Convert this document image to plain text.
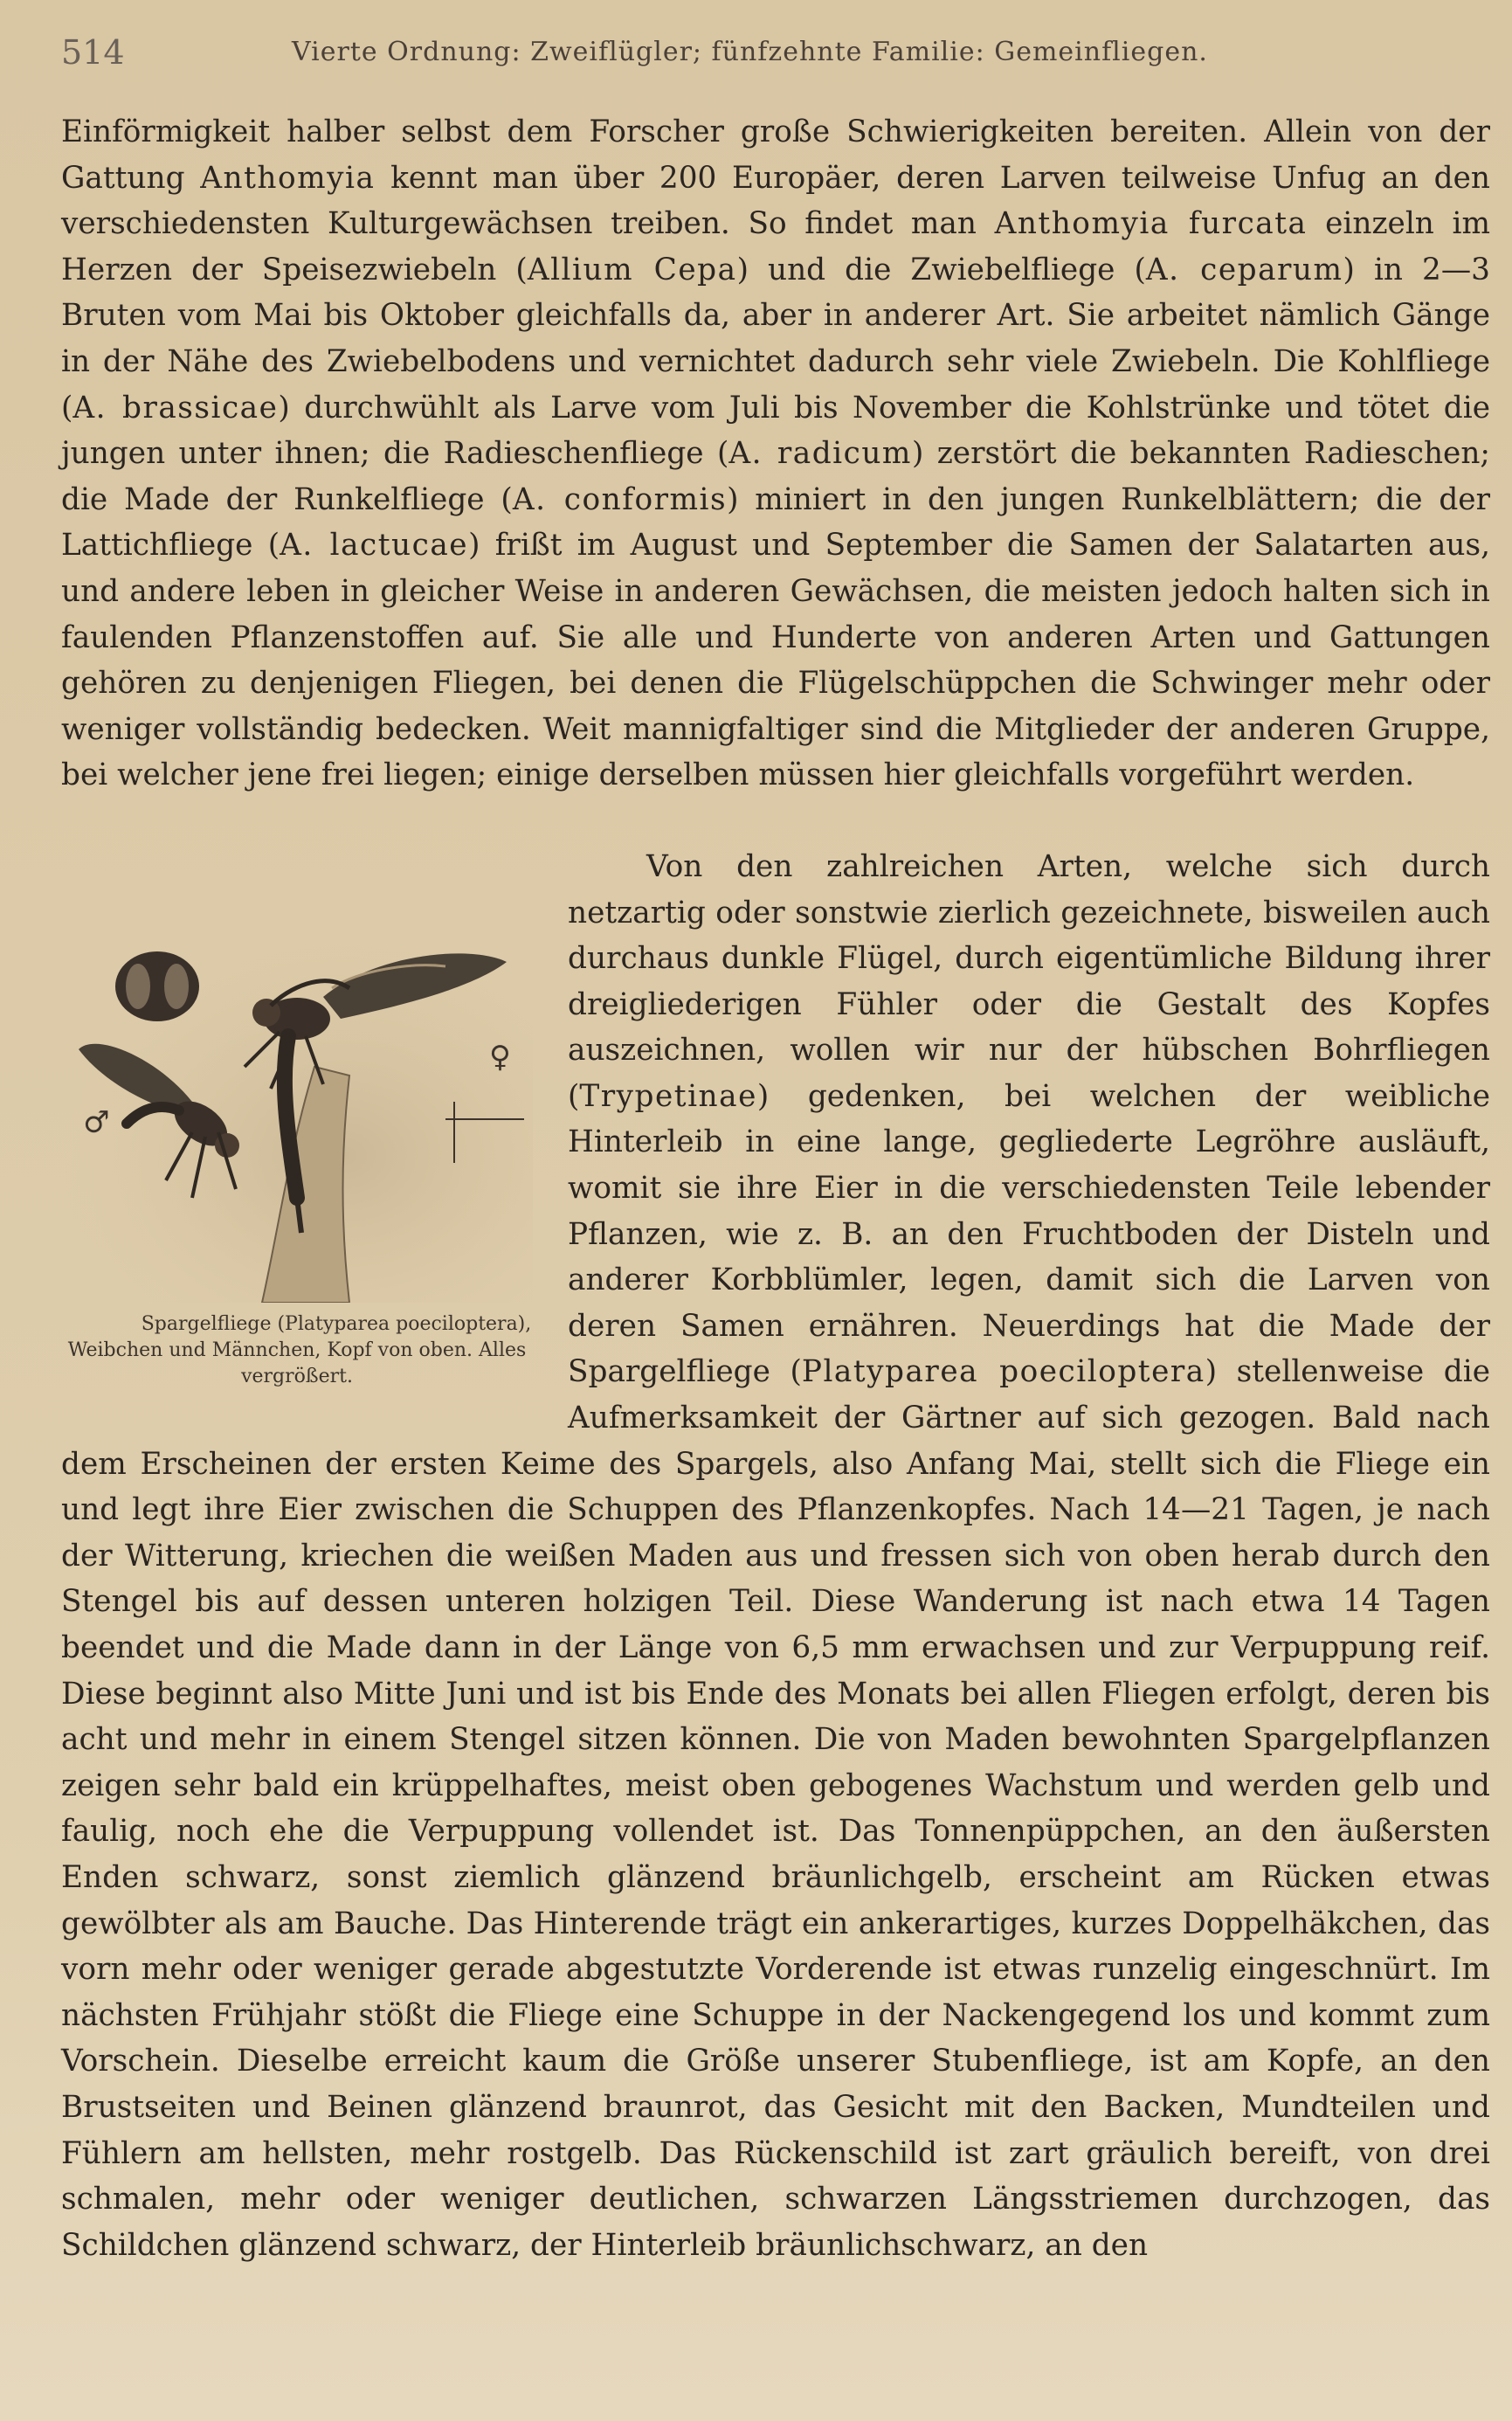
514	Vierte Ordnung: Zweiflügler; fünfzehnte Familie: Gemeinfliegen.

Einförmigkeit halber selbst dem Forscher große Schwierigkeiten bereiten. Allein von der Gattung Anthomyia kennt man über 200 Europäer, deren Larven teilweise Unfug an den verschiedensten Kulturgewächsen treiben. So findet man Anthomyia furcata einzeln im Herzen der Speisezwiebeln (Allium Cepa) und die Zwiebelfliege (A. ceparum) in 2—3 Bruten vom Mai bis Oktober gleichfalls da, aber in anderer Art. Sie arbeitet nämlich Gänge in der Nähe des Zwiebelbodens und vernichtet dadurch sehr viele Zwiebeln. Die Kohlfliege (A. brassicae) durchwühlt als Larve vom Juli bis November die Kohlstrünke und tötet die jungen unter ihnen; die Radieschenfliege (A. radicum) zerstört die bekannten Radieschen; die Made der Runkelfliege (A. conformis) miniert in den jungen Runkelblättern; die der Lattichfliege (A. lactucae) frißt im August und September die Samen der Salatarten aus, und andere leben in gleicher Weise in anderen Gewächsen, die meisten jedoch halten sich in faulenden Pflanzenstoffen auf. Sie alle und Hunderte von anderen Arten und Gattungen gehören zu denjenigen Fliegen, bei denen die Flügelschüppchen die Schwinger mehr oder weniger vollständig bedecken. Weit mannigfaltiger sind die Mitglieder der anderen Gruppe, bei welcher jene frei liegen; einige derselben müssen hier gleichfalls vorgeführt werden.

♂
♀
Spargelfliege (Platyparea poeciloptera), Weibchen und Männchen, Kopf von oben. Alles vergrößert.
Von den zahlreichen Arten, welche sich durch netzartig oder sonstwie zierlich gezeichnete, bisweilen auch durchaus dunkle Flügel, durch eigentümliche Bildung ihrer dreigliederigen Fühler oder die Gestalt des Kopfes auszeichnen, wollen wir nur der hübschen Bohrfliegen (Trypetinae) gedenken, bei welchen der weibliche Hinterleib in eine lange, gegliederte Legröhre ausläuft, womit sie ihre Eier in die verschiedensten Teile lebender Pflanzen, wie z. B. an den Fruchtboden der Disteln und anderer Korbblümler, legen, damit sich die Larven von deren Samen ernähren. Neuerdings hat die Made der Spargelfliege (Platyparea poeciloptera) stellenweise die Aufmerksamkeit der Gärtner auf sich gezogen. Bald nach dem Erscheinen der ersten Keime des Spargels, also Anfang Mai, stellt sich die Fliege ein und legt ihre Eier zwischen die Schuppen des Pflanzenkopfes. Nach 14—21 Tagen, je nach der Witterung, kriechen die weißen Maden aus und fressen sich von oben herab durch den Stengel bis auf dessen unteren holzigen Teil. Diese Wanderung ist nach etwa 14 Tagen beendet und die Made dann in der Länge von 6,5 mm erwachsen und zur Verpuppung reif. Diese beginnt also Mitte Juni und ist bis Ende des Monats bei allen Fliegen erfolgt, deren bis acht und mehr in einem Stengel sitzen können. Die von Maden bewohnten Spargelpflanzen zeigen sehr bald ein krüppelhaftes, meist oben gebogenes Wachstum und werden gelb und faulig, noch ehe die Verpuppung vollendet ist. Das Tonnenpüppchen, an den äußersten Enden schwarz, sonst ziemlich glänzend bräunlichgelb, erscheint am Rücken etwas gewölbter als am Bauche. Das Hinterende trägt ein ankerartiges, kurzes Doppelhäkchen, das vorn mehr oder weniger gerade abgestutzte Vorderende ist etwas runzelig eingeschnürt. Im nächsten Frühjahr stößt die Fliege eine Schuppe in der Nackengegend los und kommt zum Vorschein. Dieselbe erreicht kaum die Größe unserer Stubenfliege, ist am Kopfe, an den Brustseiten und Beinen glänzend braunrot, das Gesicht mit den Backen, Mundteilen und Fühlern am hellsten, mehr rostgelb. Das Rückenschild ist zart gräulich bereift, von drei schmalen, mehr oder weniger deutlichen, schwarzen Längsstriemen durchzogen, das Schildchen glänzend schwarz, der Hinterleib bräunlichschwarz, an den
